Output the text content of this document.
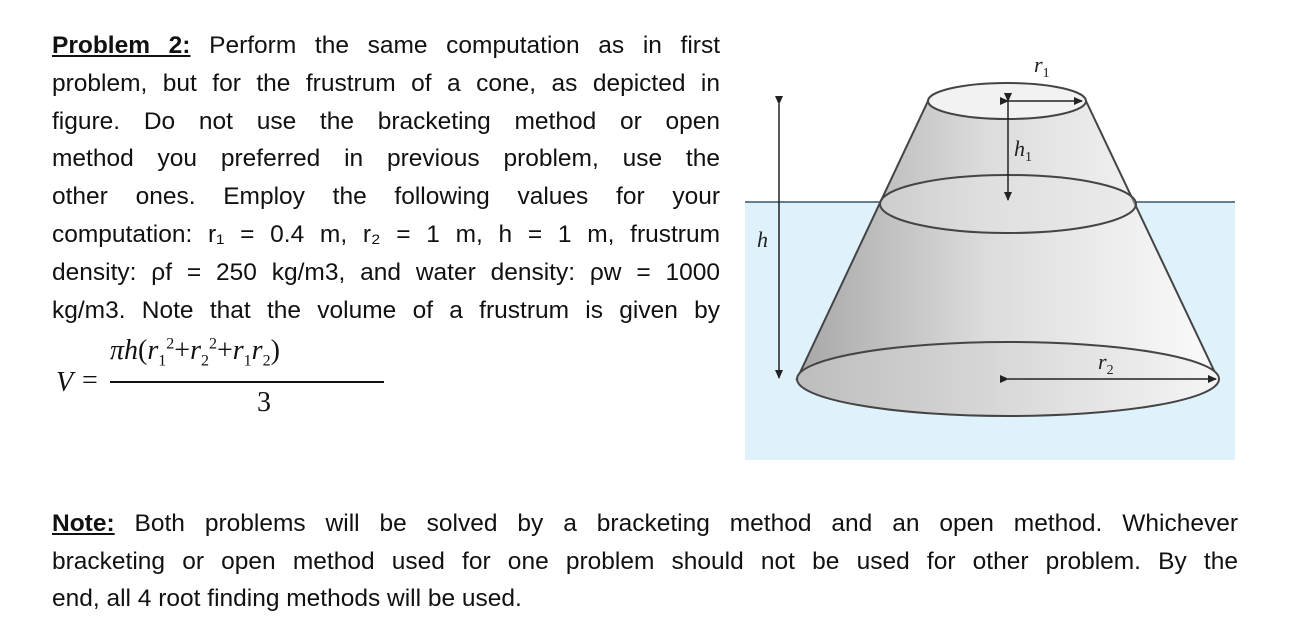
Problem 2: Perform the same computation as in first
problem, but for the frustrum of a cone, as depicted in
figure. Do not use the bracketing method or open
method you preferred in previous problem, use the
other ones. Employ the following values for your
computation: r₁ = 0.4 m, r₂ = 1 m, h = 1 m, frustrum
density: ρf = 250 kg/m3, and water density: ρw = 1000
kg/m3. Note that the volume of a frustrum is given by
V =
$\pi h(r_1^2+r_2^2+r_1r_2)$
3
$r_1$
$h_1$
h
$r_2$
Note: Both problems will be solved by a bracketing method and an open method. Whichever
bracketing or open method used for one problem should not be used for other problem. By the
end, all 4 root finding methods will be used.
